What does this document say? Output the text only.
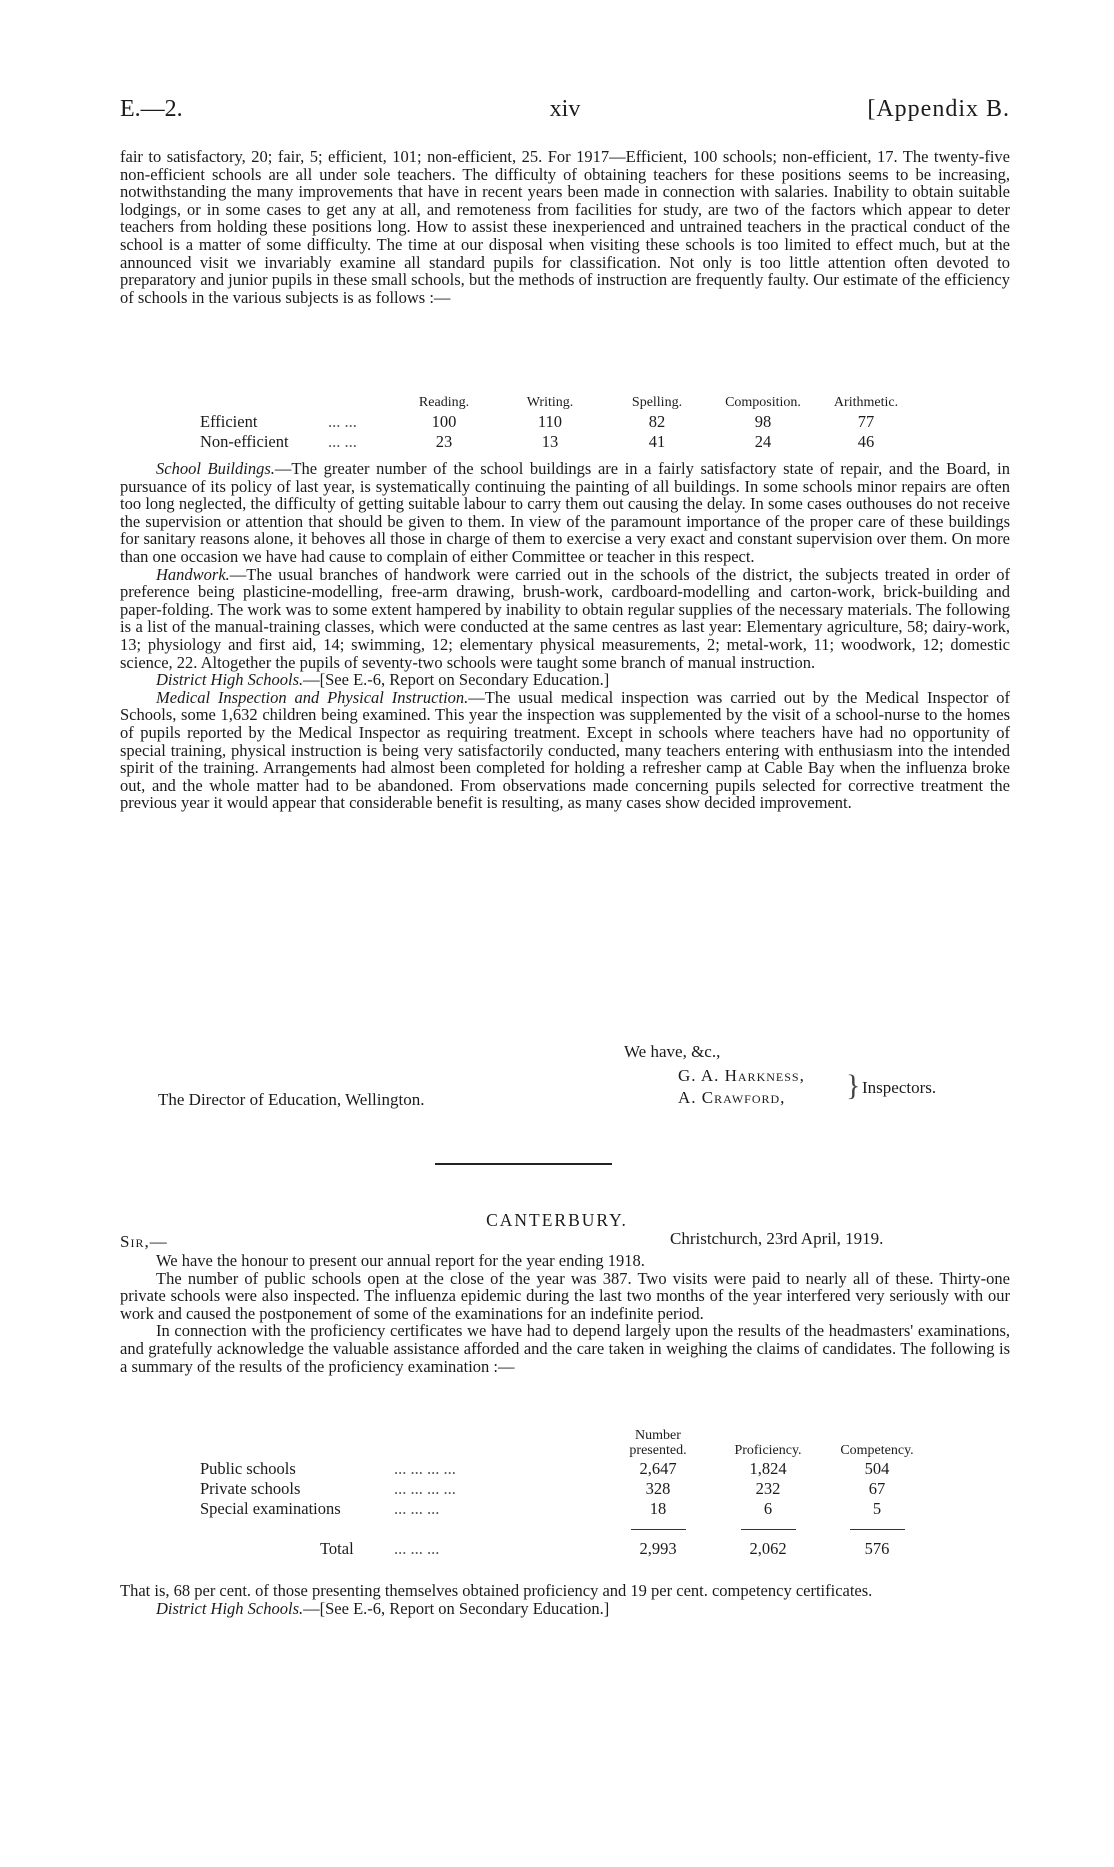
E.—2.	xiv	[Appendix B.

fair to satisfactory, 20; fair, 5; efficient, 101; non-efficient, 25. For 1917—Efficient, 100 schools; non-efficient, 17. The twenty-five non-efficient schools are all under sole teachers. The difficulty of obtaining teachers for these positions seems to be increasing, notwithstanding the many improvements that have in recent years been made in connection with salaries. Inability to obtain suitable lodgings, or in some cases to get any at all, and remoteness from facilities for study, are two of the factors which appear to deter teachers from holding these positions long. How to assist these inexperienced and untrained teachers in the practical conduct of the school is a matter of some difficulty. The time at our disposal when visiting these schools is too limited to effect much, but at the announced visit we invariably examine all standard pupils for classification. Not only is too little attention often devoted to preparatory and junior pupils in these small schools, but the methods of instruction are frequently faulty. Our estimate of the efficiency of schools in the various subjects is as follows :—

		Reading.	Writing.	Spelling.	Composition.	Arithmetic.
Efficient	... ...	100	110	82	98	77
Non-efficient	... ...	23	13	41	24	46

School Buildings.—The greater number of the school buildings are in a fairly satisfactory state of repair, and the Board, in pursuance of its policy of last year, is systematically continuing the painting of all buildings. In some schools minor repairs are often too long neglected, the difficulty of getting suitable labour to carry them out causing the delay. In some cases outhouses do not receive the supervision or attention that should be given to them. In view of the paramount importance of the proper care of these buildings for sanitary reasons alone, it behoves all those in charge of them to exercise a very exact and constant supervision over them. On more than one occasion we have had cause to complain of either Committee or teacher in this respect.

Handwork.—The usual branches of handwork were carried out in the schools of the district, the subjects treated in order of preference being plasticine-modelling, free-arm drawing, brush-work, cardboard-modelling and carton-work, brick-building and paper-folding. The work was to some extent hampered by inability to obtain regular supplies of the necessary materials. The following is a list of the manual-training classes, which were conducted at the same centres as last year: Elementary agriculture, 58; dairy-work, 13; physiology and first aid, 14; swimming, 12; elementary physical measurements, 2; metal-work, 11; woodwork, 12; domestic science, 22. Altogether the pupils of seventy-two schools were taught some branch of manual instruction.

District High Schools.—[See E.-6, Report on Secondary Education.]

Medical Inspection and Physical Instruction.—The usual medical inspection was carried out by the Medical Inspector of Schools, some 1,632 children being examined. This year the inspection was supplemented by the visit of a school-nurse to the homes of pupils reported by the Medical Inspector as requiring treatment. Except in schools where teachers have had no opportunity of special training, physical instruction is being very satisfactorily conducted, many teachers entering with enthusiasm into the intended spirit of the training. Arrangements had almost been completed for holding a refresher camp at Cable Bay when the influenza broke out, and the whole matter had to be abandoned. From observations made concerning pupils selected for corrective treatment the previous year it would appear that considerable benefit is resulting, as many cases show decided improvement.

We have, &c.,
G. A. Harkness,
A. Crawford, } Inspectors.
The Director of Education, Wellington.
CANTERBURY.
Sir,—	Christchurch, 23rd April, 1919.

We have the honour to present our annual report for the year ending 1918.

The number of public schools open at the close of the year was 387. Two visits were paid to nearly all of these. Thirty-one private schools were also inspected. The influenza epidemic during the last two months of the year interfered very seriously with our work and caused the postponement of some of the examinations for an indefinite period.

In connection with the proficiency certificates we have had to depend largely upon the results of the headmasters' examinations, and gratefully acknowledge the valuable assistance afforded and the care taken in weighing the claims of candidates. The following is a summary of the results of the proficiency examination :—

		Number presented.	Proficiency.	Competency.
Public schools	... ... ... ...	2,647	1,824	504
Private schools	... ... ... ...	328	232	67
Special examinations	... ... ...	18	6	5

Total	... ... ...	2,993	2,062	576

That is, 68 per cent. of those presenting themselves obtained proficiency and 19 per cent. competency certificates.

District High Schools.—[See E.-6, Report on Secondary Education.]
